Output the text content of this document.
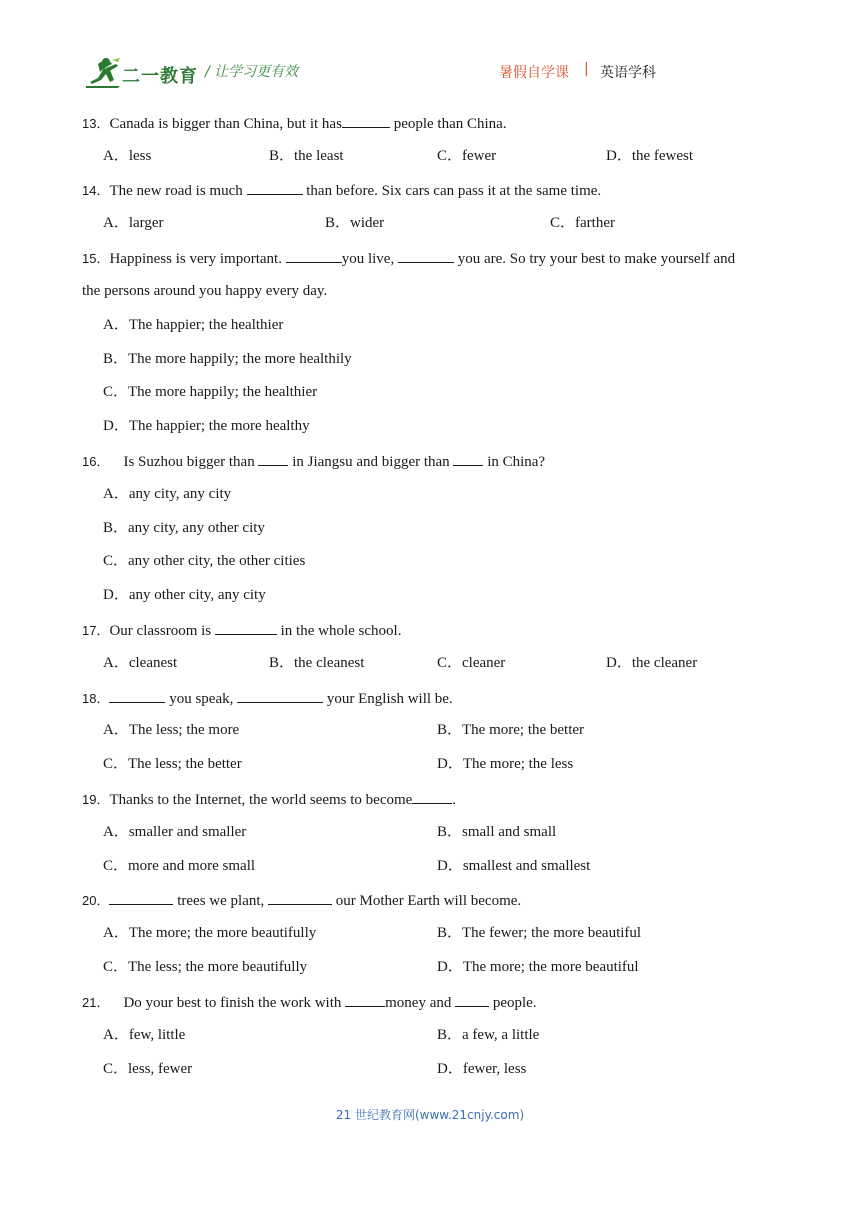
二一教育 / 让学习更有效	暑假自学课 | 英语学科
13．Canada is bigger than China, but it has	people than China.
A．less	B．the least	C．fewer	D．the fewest
14．The new road is much	than before. Six cars can pass it at the same time.
A．larger	B．wider	C．farther
15．Happiness is very important.	you live,	you are. So try your best to make yourself and
the persons around you happy every day.
A．The happier; the healthier
B．The more happily; the more healthily
C．The more happily; the healthier
D．The happier; the more healthy
16． Is Suzhou bigger than  in Jiangsu and bigger than  in China?
A．any city, any city
B．any city, any other city
C．any other city, the other cities
D．any other city, any city
17．Our classroom is	in the whole school.
A．cleanest	B．the cleanest	C．cleaner	D．the cleaner
18．	you speak,	your English will be.
A．The less; the more	B．The more; the better
C．The less; the better	D．The more; the less
19．Thanks to the Internet, the world seems to become	.
A．smaller and smaller	B．small and small
C．more and more small	D．smallest and smallest
20．	trees we plant,	our Mother Earth will become.
A．The more; the more beautifully	B．The fewer; the more beautiful
C．The less; the more beautifully	D．The more; the more beautiful
21． Do your best to finish the work with	money and  people.
A．few, little	B．a few, a little
C．less, fewer	D．fewer, less
21 世纪教育网(www.21cnjy.com)
